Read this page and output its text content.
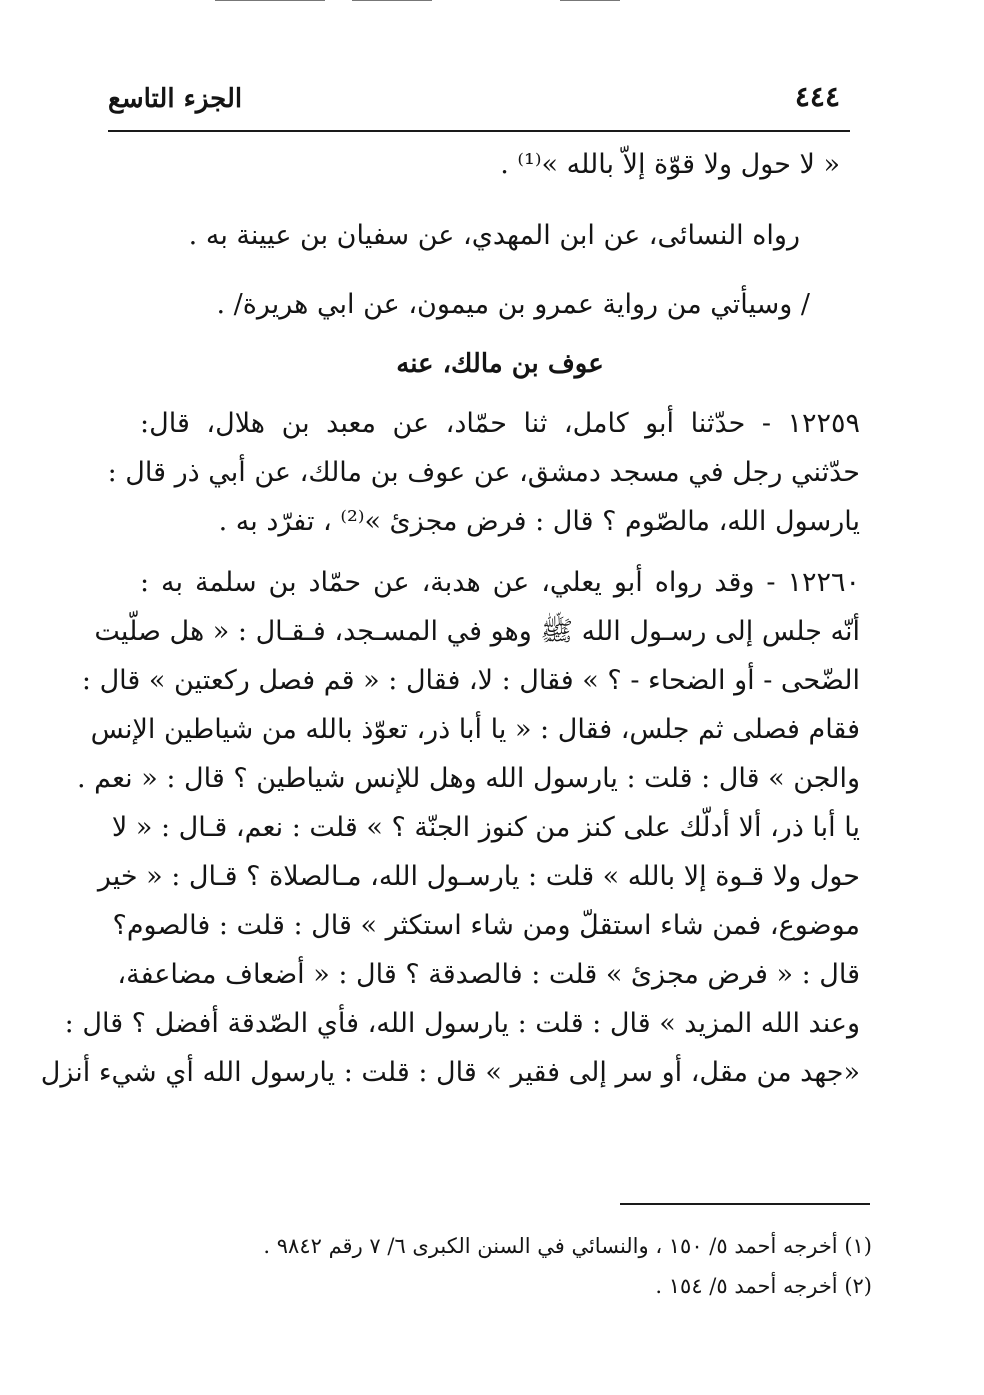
٤٤٤
الجزء التاسع
« لا حول ولا قوّة إلاّ بالله »⁽¹⁾ .
رواه النسائى، عن ابن المهدي، عن سفيان بن عيينة به .
/ وسيأتي من رواية عمرو بن ميمون، عن ابي هريرة/ .
عوف بن مالك، عنه
١٢٢٥٩ - حدّثنا أبو كامل، ثنا حمّاد، عن معبد بن هلال، قال:
حدّثني رجل في مسجد دمشق، عن عوف بن مالك، عن أبي ذر قال :
يارسول الله، مالصّوم ؟ قال : فرض مجزئ »⁽²⁾ ، تفرّد به .
١٢٢٦٠ - وقد رواه أبو يعلي، عن هدبة، عن حمّاد بن سلمة به :
أنّه جلس إلى رسـول الله ﷺ وهو في المسـجد، فـقـال : « هل صلّيت
الضّحى - أو الضحاء - ؟ » فقال : لا، فقال : « قم فصل ركعتين » قال :
فقام فصلى ثم جلس، فقال : « يا أبا ذر، تعوّذ بالله من شياطين الإنس
والجن » قال : قلت : يارسول الله وهل للإنس شياطين ؟ قال : « نعم .
يا أبا ذر، ألا أدلّك على كنز من كنوز الجنّة ؟ » قلت : نعم، قـال : « لا
حول ولا قـوة إلا بالله » قلت : يارسـول الله، مـالصلاة ؟ قـال : « خير
موضوع، فمن شاء استقلّ ومن شاء استكثر » قال : قلت : فالصوم؟
قال : « فرض مجزئ » قلت : فالصدقة ؟ قال : « أضعاف مضاعفة،
وعند الله المزيد » قال : قلت : يارسول الله، فأي الصّدقة أفضل ؟ قال :
«جهد من مقل، أو سر إلى فقير » قال : قلت : يارسول الله أي شيء أنزل
(١) أخرجه أحمد ٥/ ١٥٠ ، والنسائي في السنن الكبرى ٦/ ٧ رقم ٩٨٤٢ .
(٢) أخرجه أحمد ٥/ ١٥٤ .
